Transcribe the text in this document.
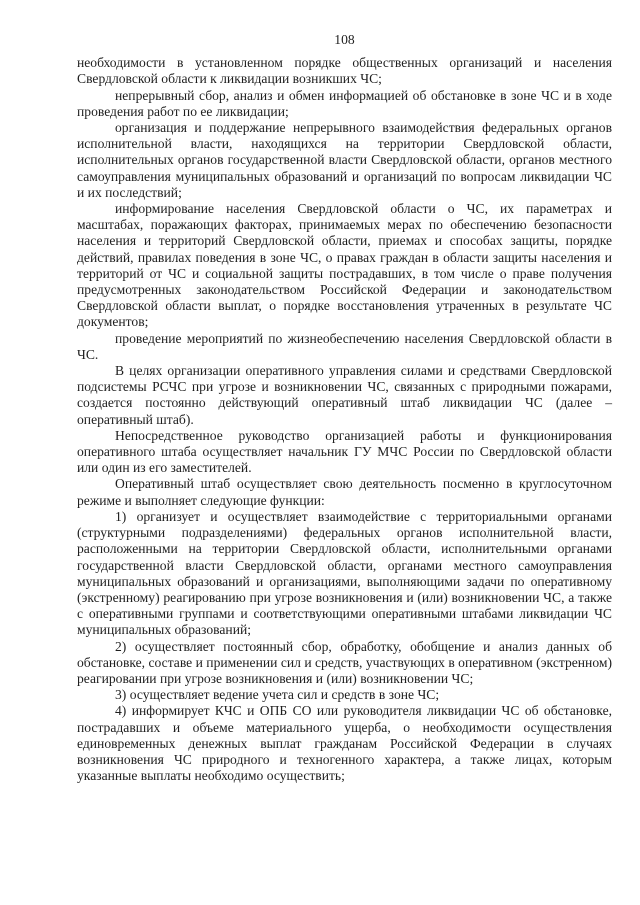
108

необходимости в установленном порядке общественных организаций и населения Свердловской области к ликвидации возникших ЧС;

непрерывный сбор, анализ и обмен информацией об обстановке в зоне ЧС и в ходе проведения работ по ее ликвидации;

организация и поддержание непрерывного взаимодействия федеральных органов исполнительной власти, находящихся на территории Свердловской области, исполнительных органов государственной власти Свердловской области, органов местного самоуправления муниципальных образований и организаций по вопросам ликвидации ЧС и их последствий;

информирование населения Свердловской области о ЧС, их параметрах и масштабах, поражающих факторах, принимаемых мерах по обеспечению безопасности населения и территорий Свердловской области, приемах и способах защиты, порядке действий, правилах поведения в зоне ЧС, о правах граждан в области защиты населения и территорий от ЧС и социальной защиты пострадавших, в том числе о праве получения предусмотренных законодательством Российской Федерации и законодательством Свердловской области выплат, о порядке восстановления утраченных в результате ЧС документов;

проведение мероприятий по жизнеобеспечению населения Свердловской области в ЧС.

В целях организации оперативного управления силами и средствами Свердловской подсистемы РСЧС при угрозе и возникновении ЧС, связанных с природными пожарами, создается постоянно действующий оперативный штаб ликвидации ЧС (далее – оперативный штаб).

Непосредственное руководство организацией работы и функционирования оперативного штаба осуществляет начальник ГУ МЧС России по Свердловской области или один из его заместителей.

Оперативный штаб осуществляет свою деятельность посменно в круглосуточном режиме и выполняет следующие функции:

1) организует и осуществляет взаимодействие с территориальными органами (структурными подразделениями) федеральных органов исполнительной власти, расположенными на территории Свердловской области, исполнительными органами государственной власти Свердловской области, органами местного самоуправления муниципальных образований и организациями, выполняющими задачи по оперативному (экстренному) реагированию при угрозе возникновения и (или) возникновении ЧС, а также с оперативными группами и соответствующими оперативными штабами ликвидации ЧС муниципальных образований;

2) осуществляет постоянный сбор, обработку, обобщение и анализ данных об обстановке, составе и применении сил и средств, участвующих в оперативном (экстренном) реагировании при угрозе возникновения и (или) возникновении ЧС;

3) осуществляет ведение учета сил и средств в зоне ЧС;

4) информирует КЧС и ОПБ СО или руководителя ликвидации ЧС об обстановке, пострадавших и объеме материального ущерба, о необходимости осуществления единовременных денежных выплат гражданам Российской Федерации в случаях возникновения ЧС природного и техногенного характера, а также лицах, которым указанные выплаты необходимо осуществить;
